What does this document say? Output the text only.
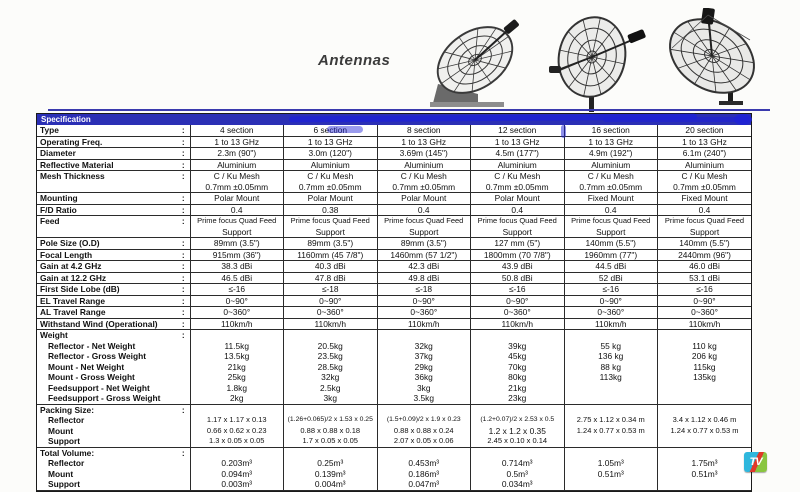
Antennas
Specification
Type	:	4 section	6 section	8 section	12 section	16 section	20 section
Operating Freq.	:	1 to 13 GHz	1 to 13 GHz	1 to 13 GHz	1 to 13 GHz	1 to 13 GHz	1 to 13 GHz
Diameter	:	2.3m (90")	3.0m (120")	3.69m (145")	4.5m (177")	4.9m (192")	6.1m (240")
Reflective Material	:	Aluminium	Aluminium	Aluminium	Aluminium	Aluminium	Aluminium
Mesh Thickness	:	C / Ku Mesh	C / Ku Mesh	C / Ku Mesh	C / Ku Mesh	C / Ku Mesh	C / Ku Mesh
		0.7mm ±0.05mm	0.7mm ±0.05mm	0.7mm ±0.05mm	0.7mm ±0.05mm	0.7mm ±0.05mm	0.7mm ±0.05mm
Mounting	:	Polar Mount	Polar Mount	Polar Mount	Polar Mount	Fixed Mount	Fixed Mount
F/D Ratio	:	0.4	0.38	0.4	0.4	0.4	0.4
Feed	:	Prime focus Quad Feed	Prime focus Quad Feed	Prime focus Quad Feed	Prime focus Quad Feed	Prime focus Quad Feed	Prime focus Quad Feed
		Support	Support	Support	Support	Support	Support
Pole Size (O.D)	:	89mm (3.5")	89mm (3.5")	89mm (3.5")	127 mm (5")	140mm (5.5")	140mm (5.5")
Focal Length	:	915mm (36")	1160mm (45 7/8")	1460mm (57 1/2")	1800mm (70 7/8")	1960mm (77")	2440mm (96")
Gain at 4.2 GHz	:	38.3 dBi	40.3 dBi	42.3 dBi	43.9 dBi	44.5 dBi	46.0 dBi
Gain at 12.2 GHz	:	46.5 dBi	47.8 dBi	49.8 dBi	50.8 dBi	52 dBi	53.1 dBi
First Side Lobe (dB)	:	≤-16	≤-18	≤-18	≤-16	≤-16	≤-16
EL Travel Range	:	0~90°	0~90°	0~90°	0~90°	0~90°	0~90°
AL Travel Range	:	0~360°	0~360°	0~360°	0~360°	0~360°	0~360°
Withstand Wind (Operational)	:	110km/h	110km/h	110km/h	110km/h	110km/h	110km/h
Weight	:						
Reflector - Net Weight		11.5kg	20.5kg	32kg	39kg	55 kg	110 kg
Reflector - Gross Weight		13.5kg	23.5kg	37kg	45kg	136 kg	206 kg
Mount - Net Weight		21kg	28.5kg	29kg	70kg	88 kg	115kg
Mount - Gross Weight		25kg	32kg	36kg	80kg	113kg	135kg
Feedsupport - Net Weight		1.8kg	2.5kg	3kg	21kg		
Feedsupport - Gross Weight		2kg	3kg	3.5kg	23kg		
Packing Size:	:						
Reflector		1.17 x 1.17 x 0.13	(1.26+0.065)/2 x 1.53 x 0.25	(1.5+0.09)/2 x 1.9 x 0.23	(1.2+0.07)/2 x 2.53 x 0.5	2.75 x 1.12 x 0.34 m	3.4 x 1.12 x 0.46 m
Mount		0.66 x 0.62 x 0.23	0.88 x 0.88 x 0.18	0.88 x 0.88 x 0.24	1.2 x 1.2 x 0.35	1.24 x 0.77 x 0.53 m	1.24 x 0.77 x 0.53 m
Support		1.3 x 0.05 x 0.05	1.7 x 0.05 x 0.05	2.07 x 0.05 x 0.06	2.45 x 0.10 x 0.14		
Total Volume:	:						
Reflector		0.203m³	0.25m³	0.453m³	0.714m³	1.05m³	1.75m³
Mount		0.094m³	0.139m³	0.186m³	0.5m³	0.51m³	0.51m³
Support		0.003m³	0.004m³	0.047m³	0.034m³		
TV
